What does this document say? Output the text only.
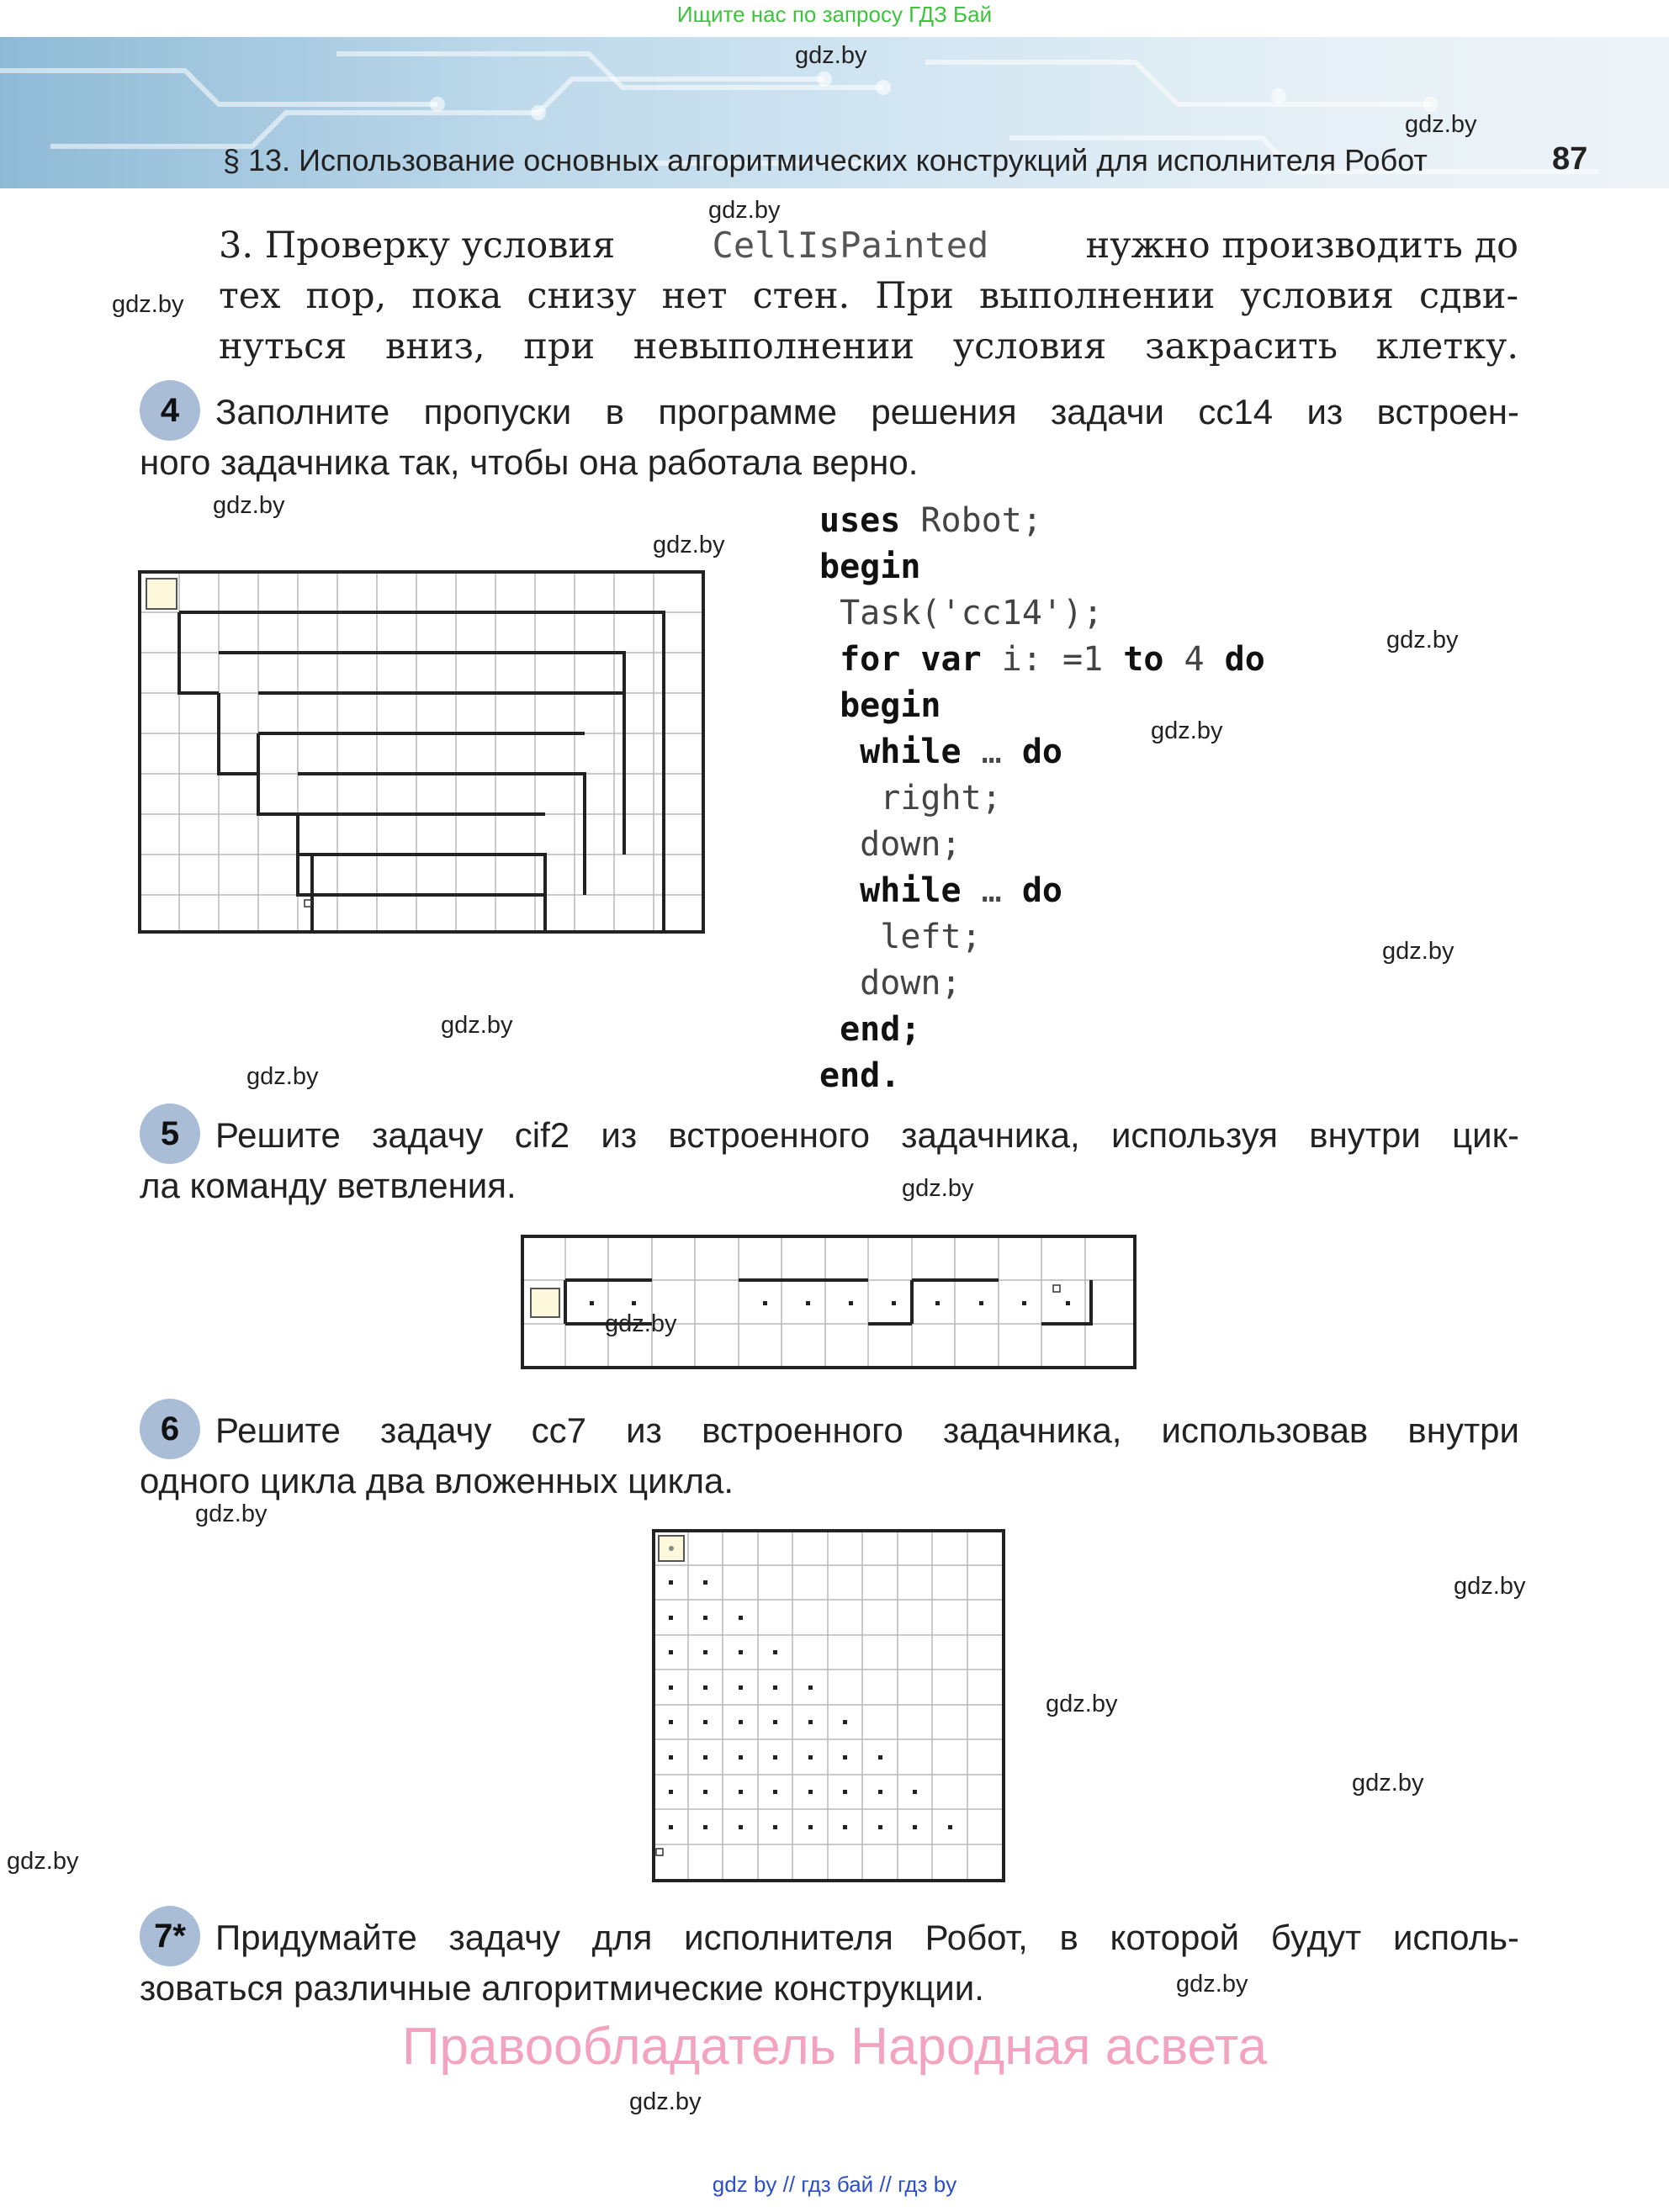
Ищите нас по запросу ГДЗ Бай
gdz.by
gdz.by
§ 13. Использование основных алгоритмических конструкций для исполнителя Робот	87
gdz.by
gdz.by
3. Проверку условия	CellIsPainted	нужно производить до
тех пор, пока снизу нет стен. При выполнении условия сдви-
нуться вниз, при невыполнении условия закрасить клетку.
4	Заполните пропуски в программе решения задачи cc14 из встроен-
ного задачника так, чтобы она работала верно.
gdz.by
gdz.by
gdz.by
gdz.by
gdz.by
gdz.by
gdz.by
uses Robot;
begin
Task('cc14');
for var i: =1 to 4 do
begin
while … do
right;
down;
while … do
left;
down;
end;
end.
5	Решите задачу cif2 из встроенного задачника, используя внутри цик-
ла команду ветвления.	gdz.by
gdz.by
6	Решите задачу cc7 из встроенного задачника, использовав внутри
одного цикла два вложенных цикла.
gdz.by
gdz.by
gdz.by
gdz.by
gdz.by
7* Придумайте задачу для исполнителя Робот, в которой будут исполь-
зоваться различные алгоритмические конструкции.	gdz.by
Правообладатель Народная асвета
gdz.by
gdz by // гдз бай // гдз by
